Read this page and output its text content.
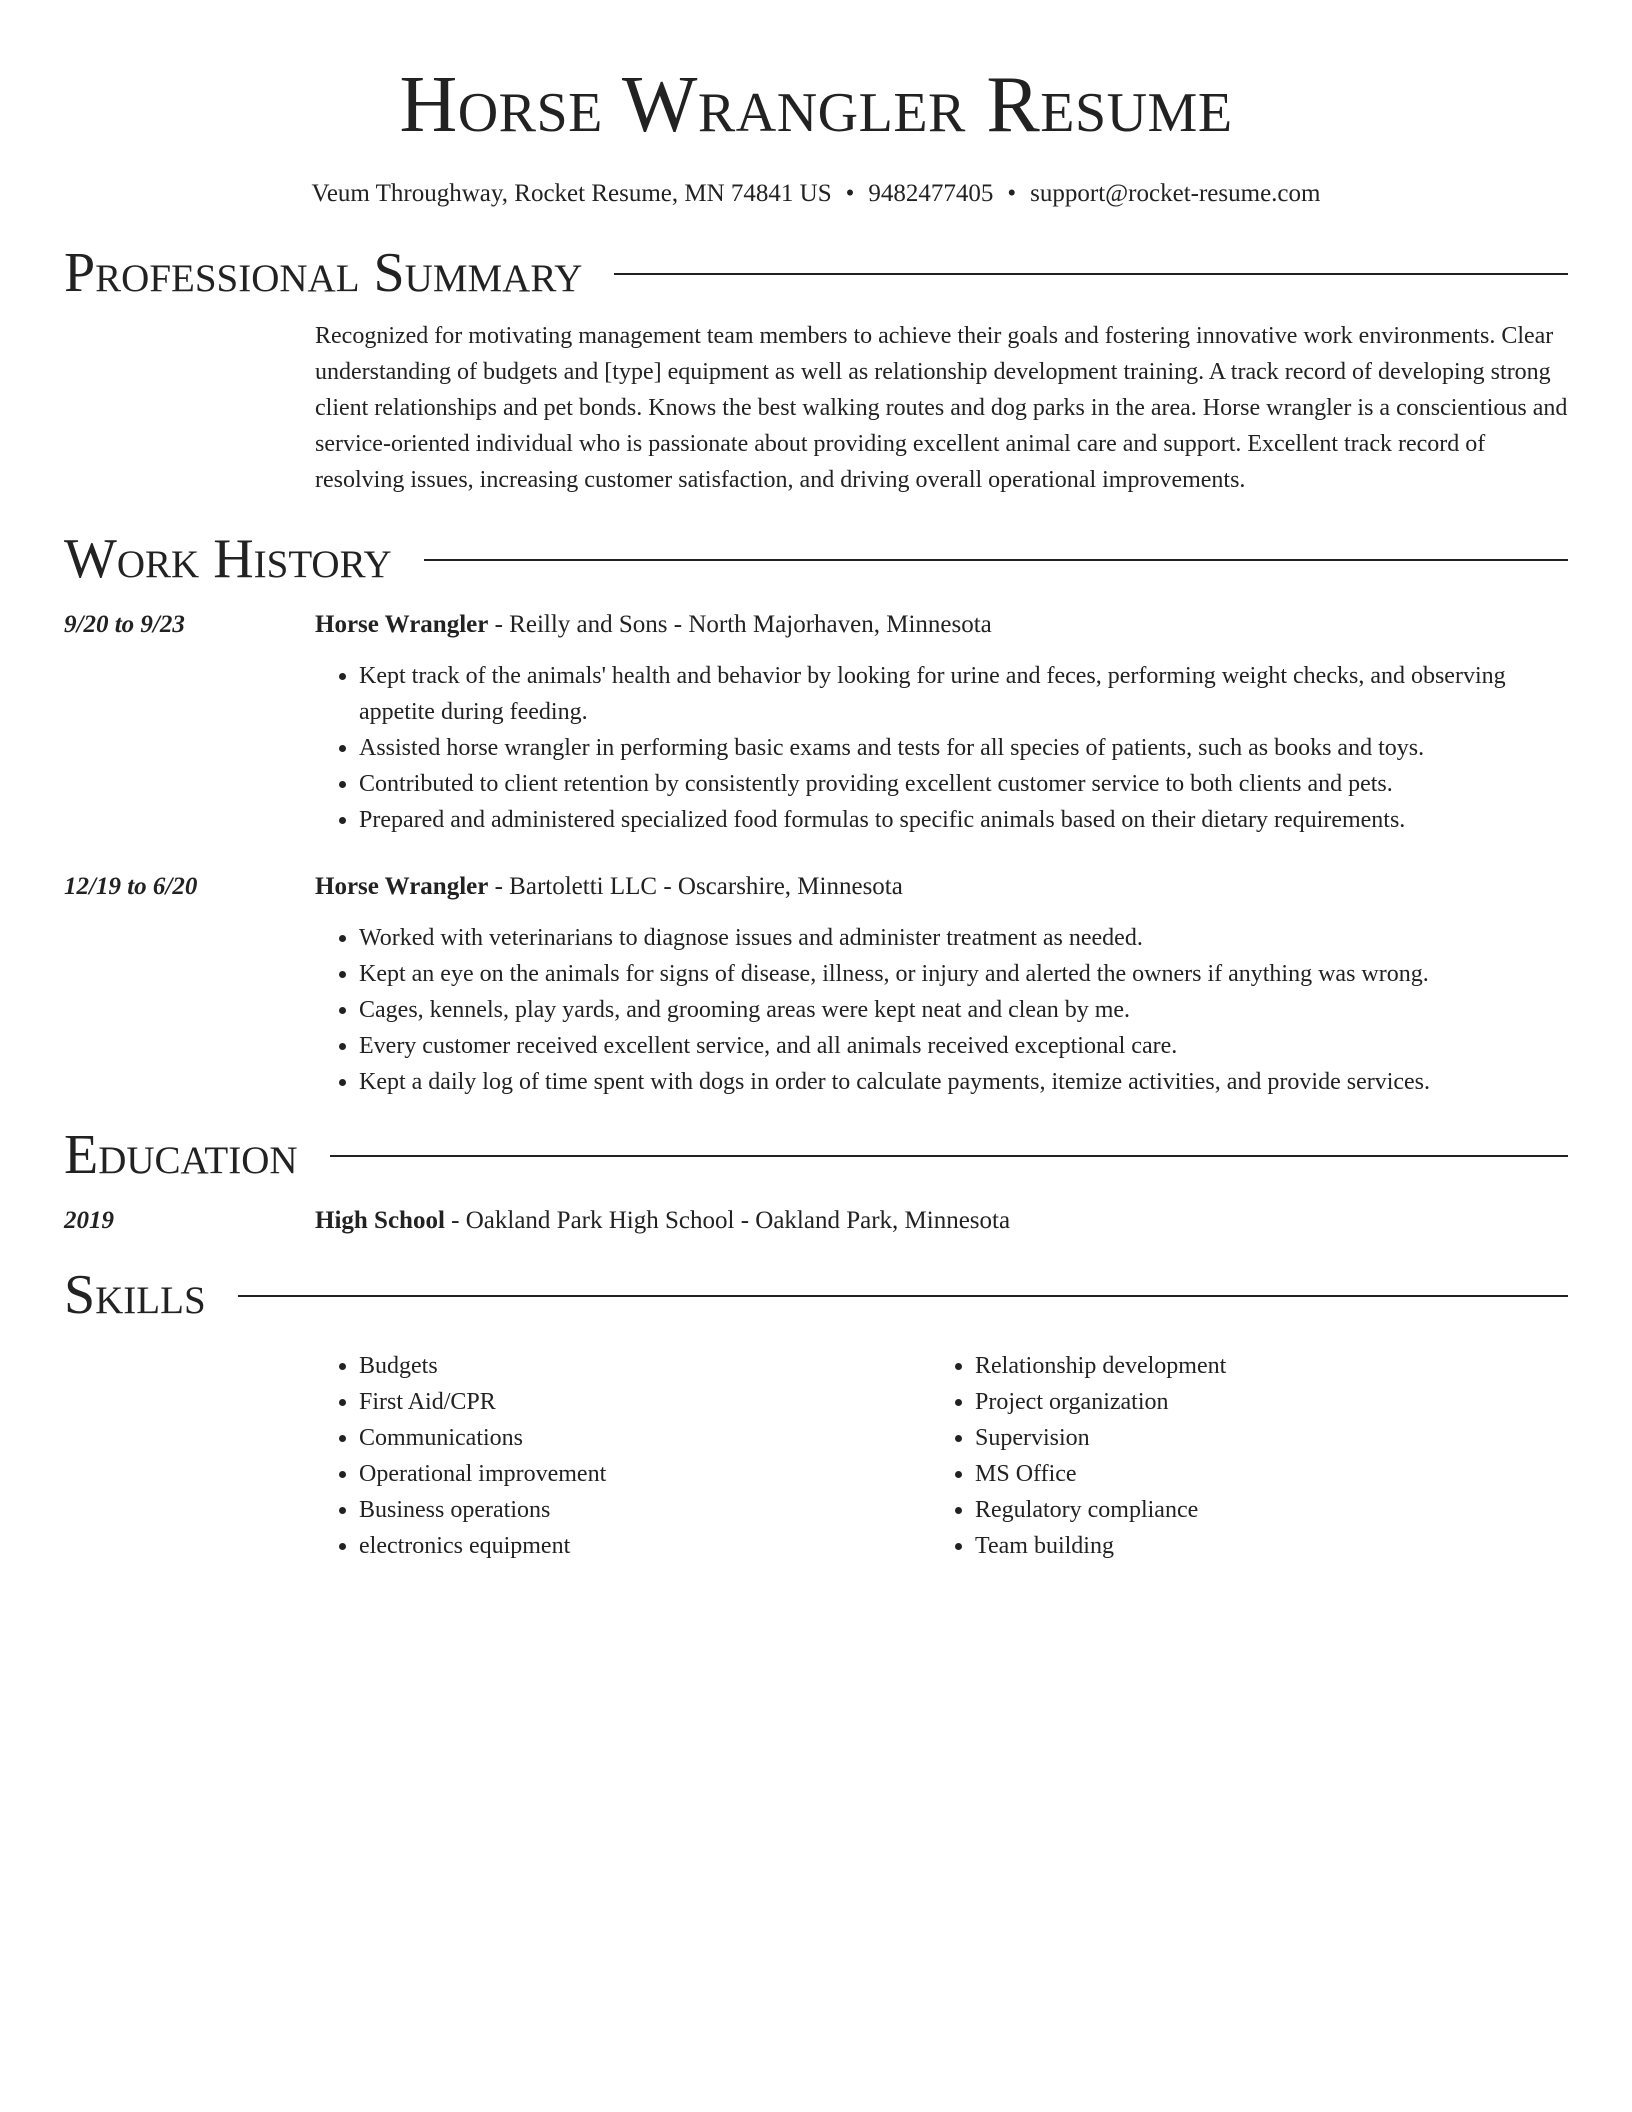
Horse Wrangler Resume
Veum Throughway, Rocket Resume, MN 74841 US • 9482477405 • support@rocket-resume.com
Professional Summary
Recognized for motivating management team members to achieve their goals and fostering innovative work environments. Clear understanding of budgets and [type] equipment as well as relationship development training. A track record of developing strong client relationships and pet bonds. Knows the best walking routes and dog parks in the area. Horse wrangler is a conscientious and service-oriented individual who is passionate about providing excellent animal care and support. Excellent track record of resolving issues, increasing customer satisfaction, and driving overall operational improvements.
Work History
9/20 to 9/23	Horse Wrangler - Reilly and Sons - North Majorhaven, Minnesota
• Kept track of the animals' health and behavior by looking for urine and feces, performing weight checks, and observing appetite during feeding.
• Assisted horse wrangler in performing basic exams and tests for all species of patients, such as books and toys.
• Contributed to client retention by consistently providing excellent customer service to both clients and pets.
• Prepared and administered specialized food formulas to specific animals based on their dietary requirements.
12/19 to 6/20	Horse Wrangler - Bartoletti LLC - Oscarshire, Minnesota
• Worked with veterinarians to diagnose issues and administer treatment as needed.
• Kept an eye on the animals for signs of disease, illness, or injury and alerted the owners if anything was wrong.
• Cages, kennels, play yards, and grooming areas were kept neat and clean by me.
• Every customer received excellent service, and all animals received exceptional care.
• Kept a daily log of time spent with dogs in order to calculate payments, itemize activities, and provide services.
Education
2019	High School - Oakland Park High School - Oakland Park, Minnesota
Skills
• Budgets
• First Aid/CPR
• Communications
• Operational improvement
• Business operations
• electronics equipment
• Relationship development
• Project organization
• Supervision
• MS Office
• Regulatory compliance
• Team building
